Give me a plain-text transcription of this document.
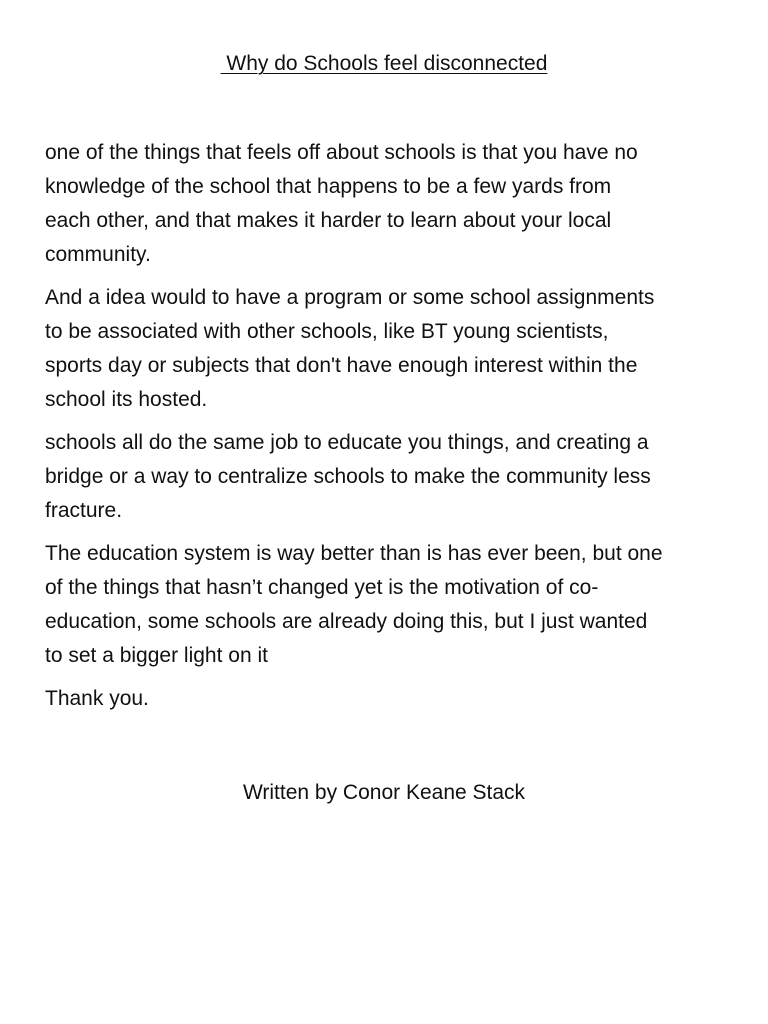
Why do Schools feel disconnected

one of the things that feels off about schools is that you have no
knowledge of the school that happens to be a few yards from
each other, and that makes it harder to learn about your local
community.

And a idea would to have a program or some school assignments
to be associated with other schools, like BT young scientists,
sports day or subjects that don't have enough interest within the
school its hosted.

schools all do the same job to educate you things, and creating a
bridge or a way to centralize schools to make the community less
fracture.

The education system is way better than is has ever been, but one
of the things that hasn’t changed yet is the motivation of co-
education, some schools are already doing this, but I just wanted
to set a bigger light on it

Thank you.

Written by Conor Keane Stack
